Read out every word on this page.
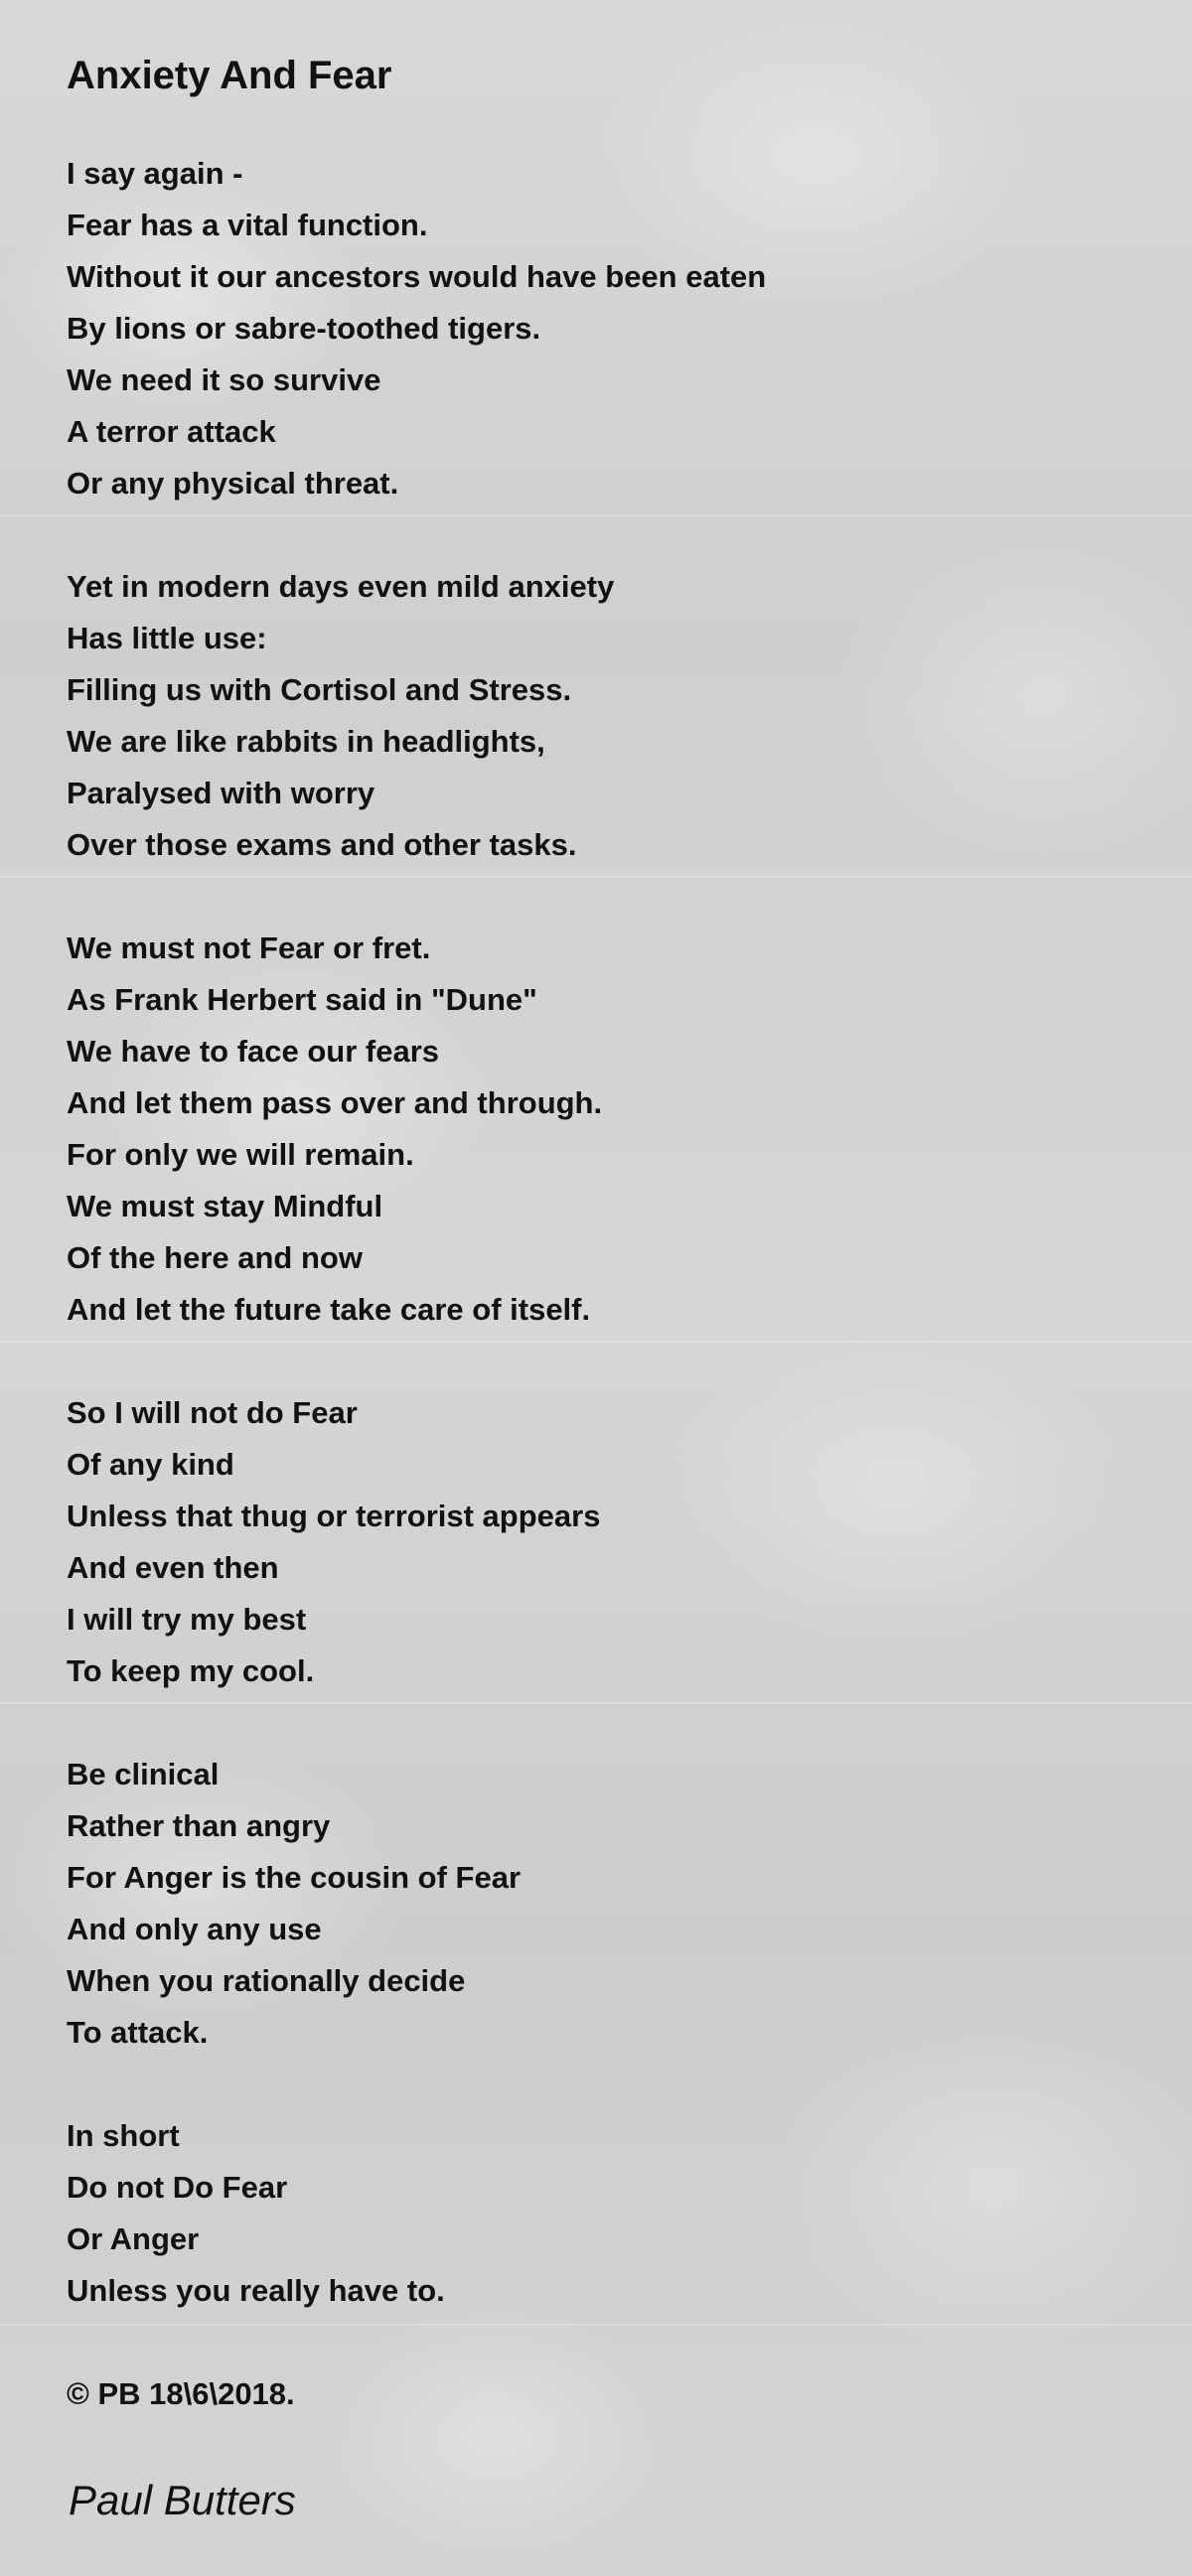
Anxiety And Fear
I say again -
Fear has a vital function.
Without it our ancestors would have been eaten
By lions or sabre-toothed tigers.
We need it so survive
A terror attack
Or any physical threat.
Yet in modern days even mild anxiety
Has little use:
Filling us with Cortisol and Stress.
We are like rabbits in headlights,
Paralysed with worry
Over those exams and other tasks.
We must not Fear or fret.
As Frank Herbert said in "Dune"
We have to face our fears
And let them pass over and through.
For only we will remain.
We must stay Mindful
Of the here and now
And let the future take care of itself.
So I will not do Fear
Of any kind
Unless that thug or terrorist appears
And even then
I will try my best
To keep my cool.
Be clinical
Rather than angry
For Anger is the cousin of Fear
And only any use
When you rationally decide
To attack.
In short
Do not Do Fear
Or Anger
Unless you really have to.
© PB 18\6\2018.
Paul Butters
